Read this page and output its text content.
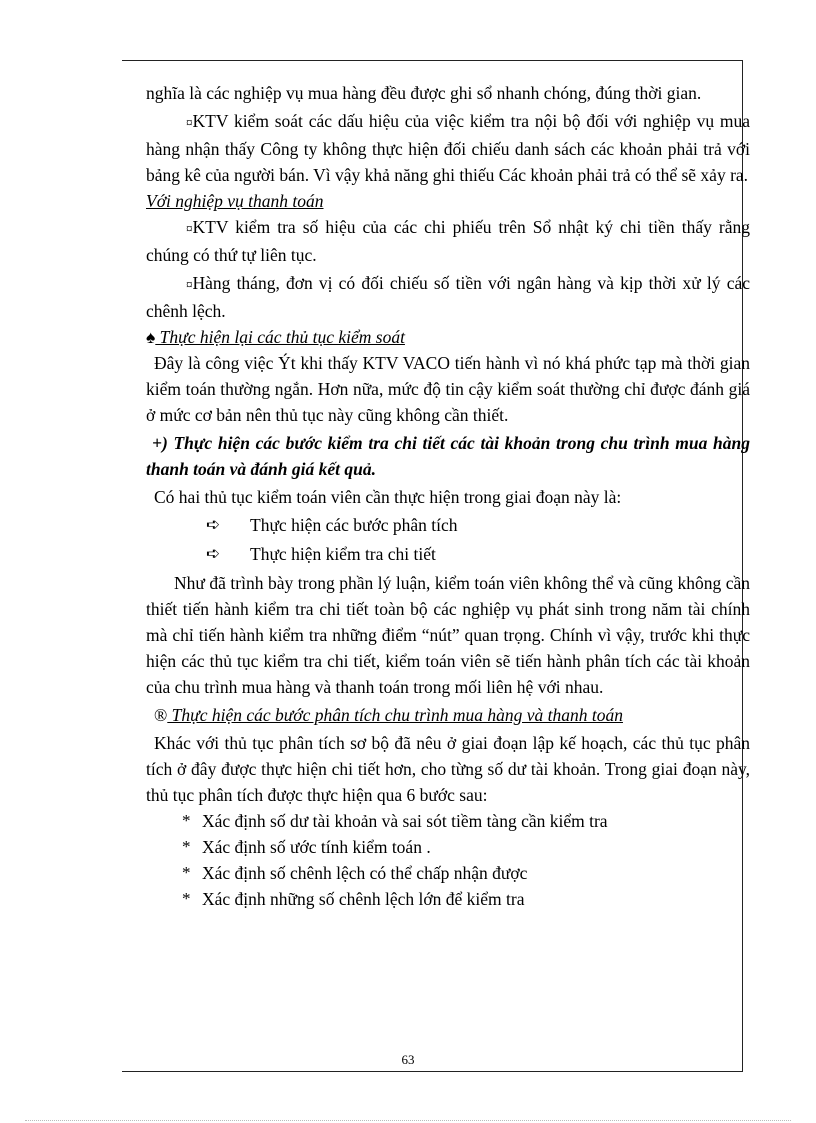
nghĩa là các nghiệp vụ mua hàng đều được ghi sổ nhanh chóng, đúng thời gian.

¤KTV kiểm soát các dấu hiệu của việc kiểm tra nội bộ đối với nghiệp vụ mua hàng nhận thấy Công ty không thực hiện đối chiếu danh sách các khoản phải trả với bảng kê của người bán. Vì vậy khả năng ghi thiếu Các khoản phải trả có thể sẽ xảy ra.

Với nghiệp vụ thanh toán

¤KTV kiểm tra số hiệu của các chi phiếu trên Sổ nhật ký chi tiền thấy rằng chúng có thứ tự liên tục.

¤Hàng tháng, đơn vị có đối chiếu số tiền với ngân hàng và kịp thời xử lý các chênh lệch.

♠ Thực hiện lại các thủ tục kiểm soát

Đây là công việc Ýt khi thấy KTV VACO tiến hành vì nó khá phức tạp mà thời gian kiểm toán thường ngắn. Hơn nữa, mức độ tin cậy kiểm soát thường chỉ được đánh giá ở mức cơ bản nên thủ tục này cũng không cần thiết.

+) Thực hiện các bước kiểm tra chi tiết các tài khoản trong chu trình mua hàng thanh toán và đánh giá kết quả.

Có hai thủ tục kiểm toán viên cần thực hiện trong giai đoạn này là:

➪	Thực hiện các bước phân tích
➪	Thực hiện kiểm tra chi tiết

Như đã trình bày trong phần lý luận, kiểm toán viên không thể và cũng không cần thiết tiến hành kiểm tra chi tiết toàn bộ các nghiệp vụ phát sinh trong năm tài chính mà chỉ tiến hành kiểm tra những điểm “nút” quan trọng. Chính vì vậy, trước khi thực hiện các thủ tục kiểm tra chi tiết, kiểm toán viên sẽ tiến hành phân tích các tài khoản của chu trình mua hàng và thanh toán trong mối liên hệ với nhau.

® Thực hiện các bước phân tích chu trình mua hàng và thanh toán

Khác với thủ tục phân tích sơ bộ đã nêu ở giai đoạn lập kế hoạch, các thủ tục phân tích ở đây được thực hiện chi tiết hơn, cho từng số dư tài khoản. Trong giai đoạn này, thủ tục phân tích được thực hiện qua 6 bước sau:

* Xác định số dư tài khoản và sai sót tiềm tàng cần kiểm tra
* Xác định số ước tính kiểm toán .
* Xác định số chênh lệch có thể chấp nhận được
* Xác định những số chênh lệch lớn để kiểm tra
63
